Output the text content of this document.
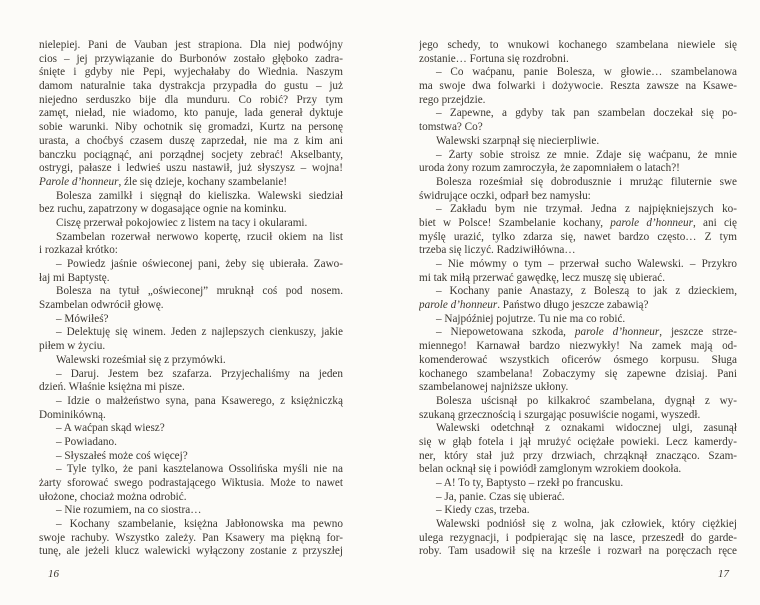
nielepiej. Pani de Vauban jest strapiona. Dla niej podwójny
cios – jej przywiązanie do Burbonów zostało głęboko zadra-
śnięte i gdyby nie Pepi, wyjechałaby do Wiednia. Naszym
damom naturalnie taka dystrakcja przypadła do gustu – już
niejedno serduszko bije dla munduru. Co robić? Przy tym
zamęt, nieład, nie wiadomo, kto panuje, lada generał dyktuje
sobie warunki. Niby ochotnik się gromadzi, Kurtz na personę
urasta, a choćbyś czasem duszę zaprzedał, nie ma z kim ani
banczku pociągnąć, ani porządnej socjety zebrać! Akselbanty,
ostrygi, pałasze i ledwieś uszu nastawił, już słyszysz – wojna!
Parole d’honneur, źle się dzieje, kochany szambelanie!
Bolesza zamilkł i sięgnął do kieliszka. Walewski siedział
bez ruchu, zapatrzony w dogasające ognie na kominku.
Ciszę przerwał pokojowiec z listem na tacy i okularami.
Szambelan rozerwał nerwowo kopertę, rzucił okiem na list
i rozkazał krótko:
– Powiedz jaśnie oświeconej pani, żeby się ubierała. Zawo-
łaj mi Baptystę.
Bolesza na tytuł „oświeconej” mruknął coś pod nosem.
Szambelan odwrócił głowę.
– Mówiłeś?
– Delektuję się winem. Jeden z najlepszych cienkuszy, jakie
piłem w życiu.
Walewski roześmiał się z przymówki.
– Daruj. Jestem bez szafarza. Przyjechaliśmy na jeden
dzień. Właśnie księżna mi pisze.
– Idzie o małżeństwo syna, pana Ksawerego, z księżniczką
Dominikówną.
– A waćpan skąd wiesz?
– Powiadano.
– Słyszałeś może coś więcej?
– Tyle tylko, że pani kasztelanowa Ossolińska myśli nie na
żarty sforować swego podrastającego Wiktusia. Może to nawet
ułożone, chociaż można odrobić.
– Nie rozumiem, na co siostra…
– Kochany szambelanie, księżna Jabłonowska ma pewno
swoje rachuby. Wszystko zależy. Pan Ksawery ma piękną for-
tunę, ale jeżeli klucz walewicki wyłączony zostanie z przyszłej
16
jego schedy, to wnukowi kochanego szambelana niewiele się
zostanie… Fortuna się rozdrobni.
– Co waćpanu, panie Bolesza, w głowie… szambelanowa
ma swoje dwa folwarki i dożywocie. Reszta zawsze na Ksawe-
rego przejdzie.
– Zapewne, a gdyby tak pan szambelan doczekał się po-
tomstwa? Co?
Walewski szarpnął się niecierpliwie.
– Żarty sobie stroisz ze mnie. Zdaje się waćpanu, że mnie
uroda żony rozum zamroczyła, że zapomniałem o latach?!
Bolesza roześmiał się dobrodusznie i mrużąc filuternie swe
świdrujące oczki, odparł bez namysłu:
– Zakładu bym nie trzymał. Jedna z najpiękniejszych ko-
biet w Polsce! Szambelanie kochany, parole d’honneur, ani cię
myślę urazić, tylko zdarza się, nawet bardzo często… Z tym
trzeba się liczyć. Radziwiłłówna…
– Nie mówmy o tym – przerwał sucho Walewski. – Przykro
mi tak miłą przerwać gawędkę, lecz muszę się ubierać.
– Kochany panie Anastazy, z Boleszą to jak z dzieckiem,
parole d’honneur. Państwo długo jeszcze zabawią?
– Najpóźniej pojutrze. Tu nie ma co robić.
– Niepowetowana szkoda, parole d’honneur, jeszcze strze-
miennego! Karnawał bardzo niezwykły! Na zamek mają od-
komenderować wszystkich oficerów ósmego korpusu. Sługa
kochanego szambelana! Zobaczymy się zapewne dzisiaj. Pani
szambelanowej najniższe ukłony.
Bolesza uścisnął po kilkakroć szambelana, dygnął z wy-
szukaną grzecznością i szurgając posuwiście nogami, wyszedł.
Walewski odetchnął z oznakami widocznej ulgi, zasunął
się w głąb fotela i jął mrużyć ociężałe powieki. Lecz kamerdy-
ner, który stał już przy drzwiach, chrząknął znacząco. Szam-
belan ocknął się i powiódł zamglonym wzrokiem dookoła.
– A! To ty, Baptysto – rzekł po francusku.
– Ja, panie. Czas się ubierać.
– Kiedy czas, trzeba.
Walewski podniósł się z wolna, jak człowiek, który ciężkiej
ulega rezygnacji, i podpierając się na lasce, przeszedł do garde-
roby. Tam usadowił się na krześle i rozwarł na poręczach ręce
17
